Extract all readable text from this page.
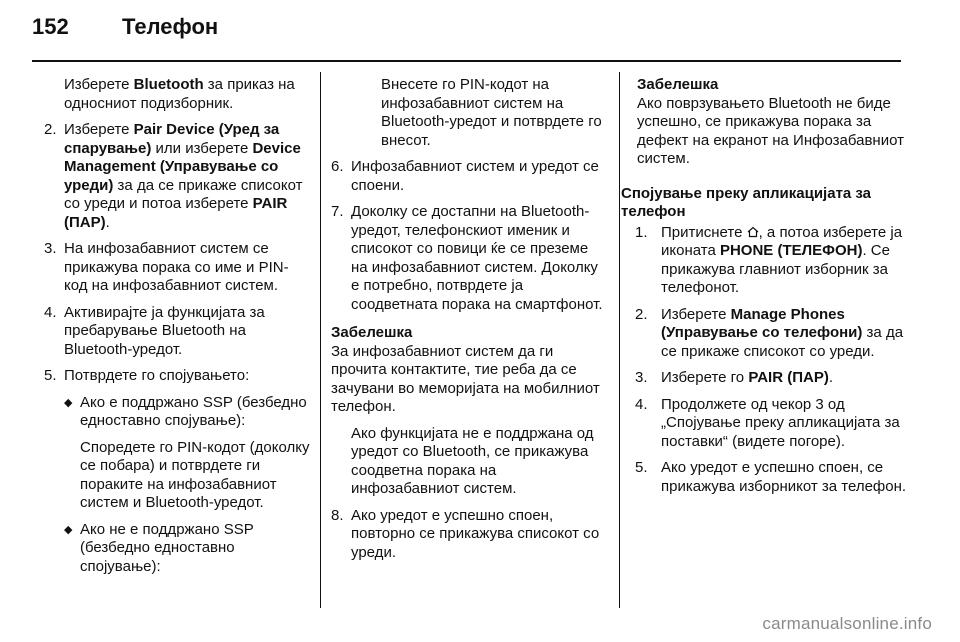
152 Телефон

Изберете Bluetooth за приказ на односниот подизборник.

2. Изберете Pair Device (Уред за спарување) или изберете Device Management (Управување со уреди) за да се прикаже списокот со уреди и потоа изберете PAIR (ПАР).
3. На инфозабавниот систем се прикажува порака со име и PIN-код на инфозабавниот систем.
4. Активирајте ја функцијата за пребарување Bluetooth на Bluetooth-уредот.
5. Потврдете го спојувањето:
◆ Ако е поддржано SSP (безбедно едноставно спојување):

Споредете го PIN-кодот (доколку се побара) и потврдете ги пораките на инфозабавниот систем и Bluetooth-уредот.

◆ Ако не е поддржано SSP (безбедно едноставно спојување):

Внесете го PIN-кодот на инфозабавниот систем на Bluetooth-уредот и потврдете го внесот.

6. Инфозабавниот систем и уредот се споени.
7. Доколку се достапни на Bluetooth-уредот, телефонскиот именик и списокот со повици ќе се преземе на инфозабавниот систем. Доколку е потребно, потврдете ја соодветната порака на смартфонот.

Забелешка

За инфозабавниот систем да ги прочита контактите, тие реба да се зачувани во меморијата на мобилниот телефон.

Ако функцијата не е поддржана од уредот со Bluetooth, се прикажува соодветна порака на инфозабавниот систем.

8. Ако уредот е успешно споен, повторно се прикажува списокот со уреди.

Забелешка

Ако поврзувањето Bluetooth не биде успешно, се прикажува порака за дефект на екранот на Инфозабавниот систем.

Спојување преку апликацијата за телефон

1. Притиснете , а потоа изберете ја иконата PHONE (ТЕЛЕФОН). Се прикажува главниот изборник за телефонот.
2. Изберете Manage Phones (Управување со телефони) за да се прикаже списокот со уреди.
3. Изберете го PAIR (ПАР).
4. Продолжете од чекор 3 од „Спојување преку апликацијата за поставки“ (видете погоре).
5. Ако уредот е успешно споен, се прикажува изборникот за телефон.
carmanualsonline.info
